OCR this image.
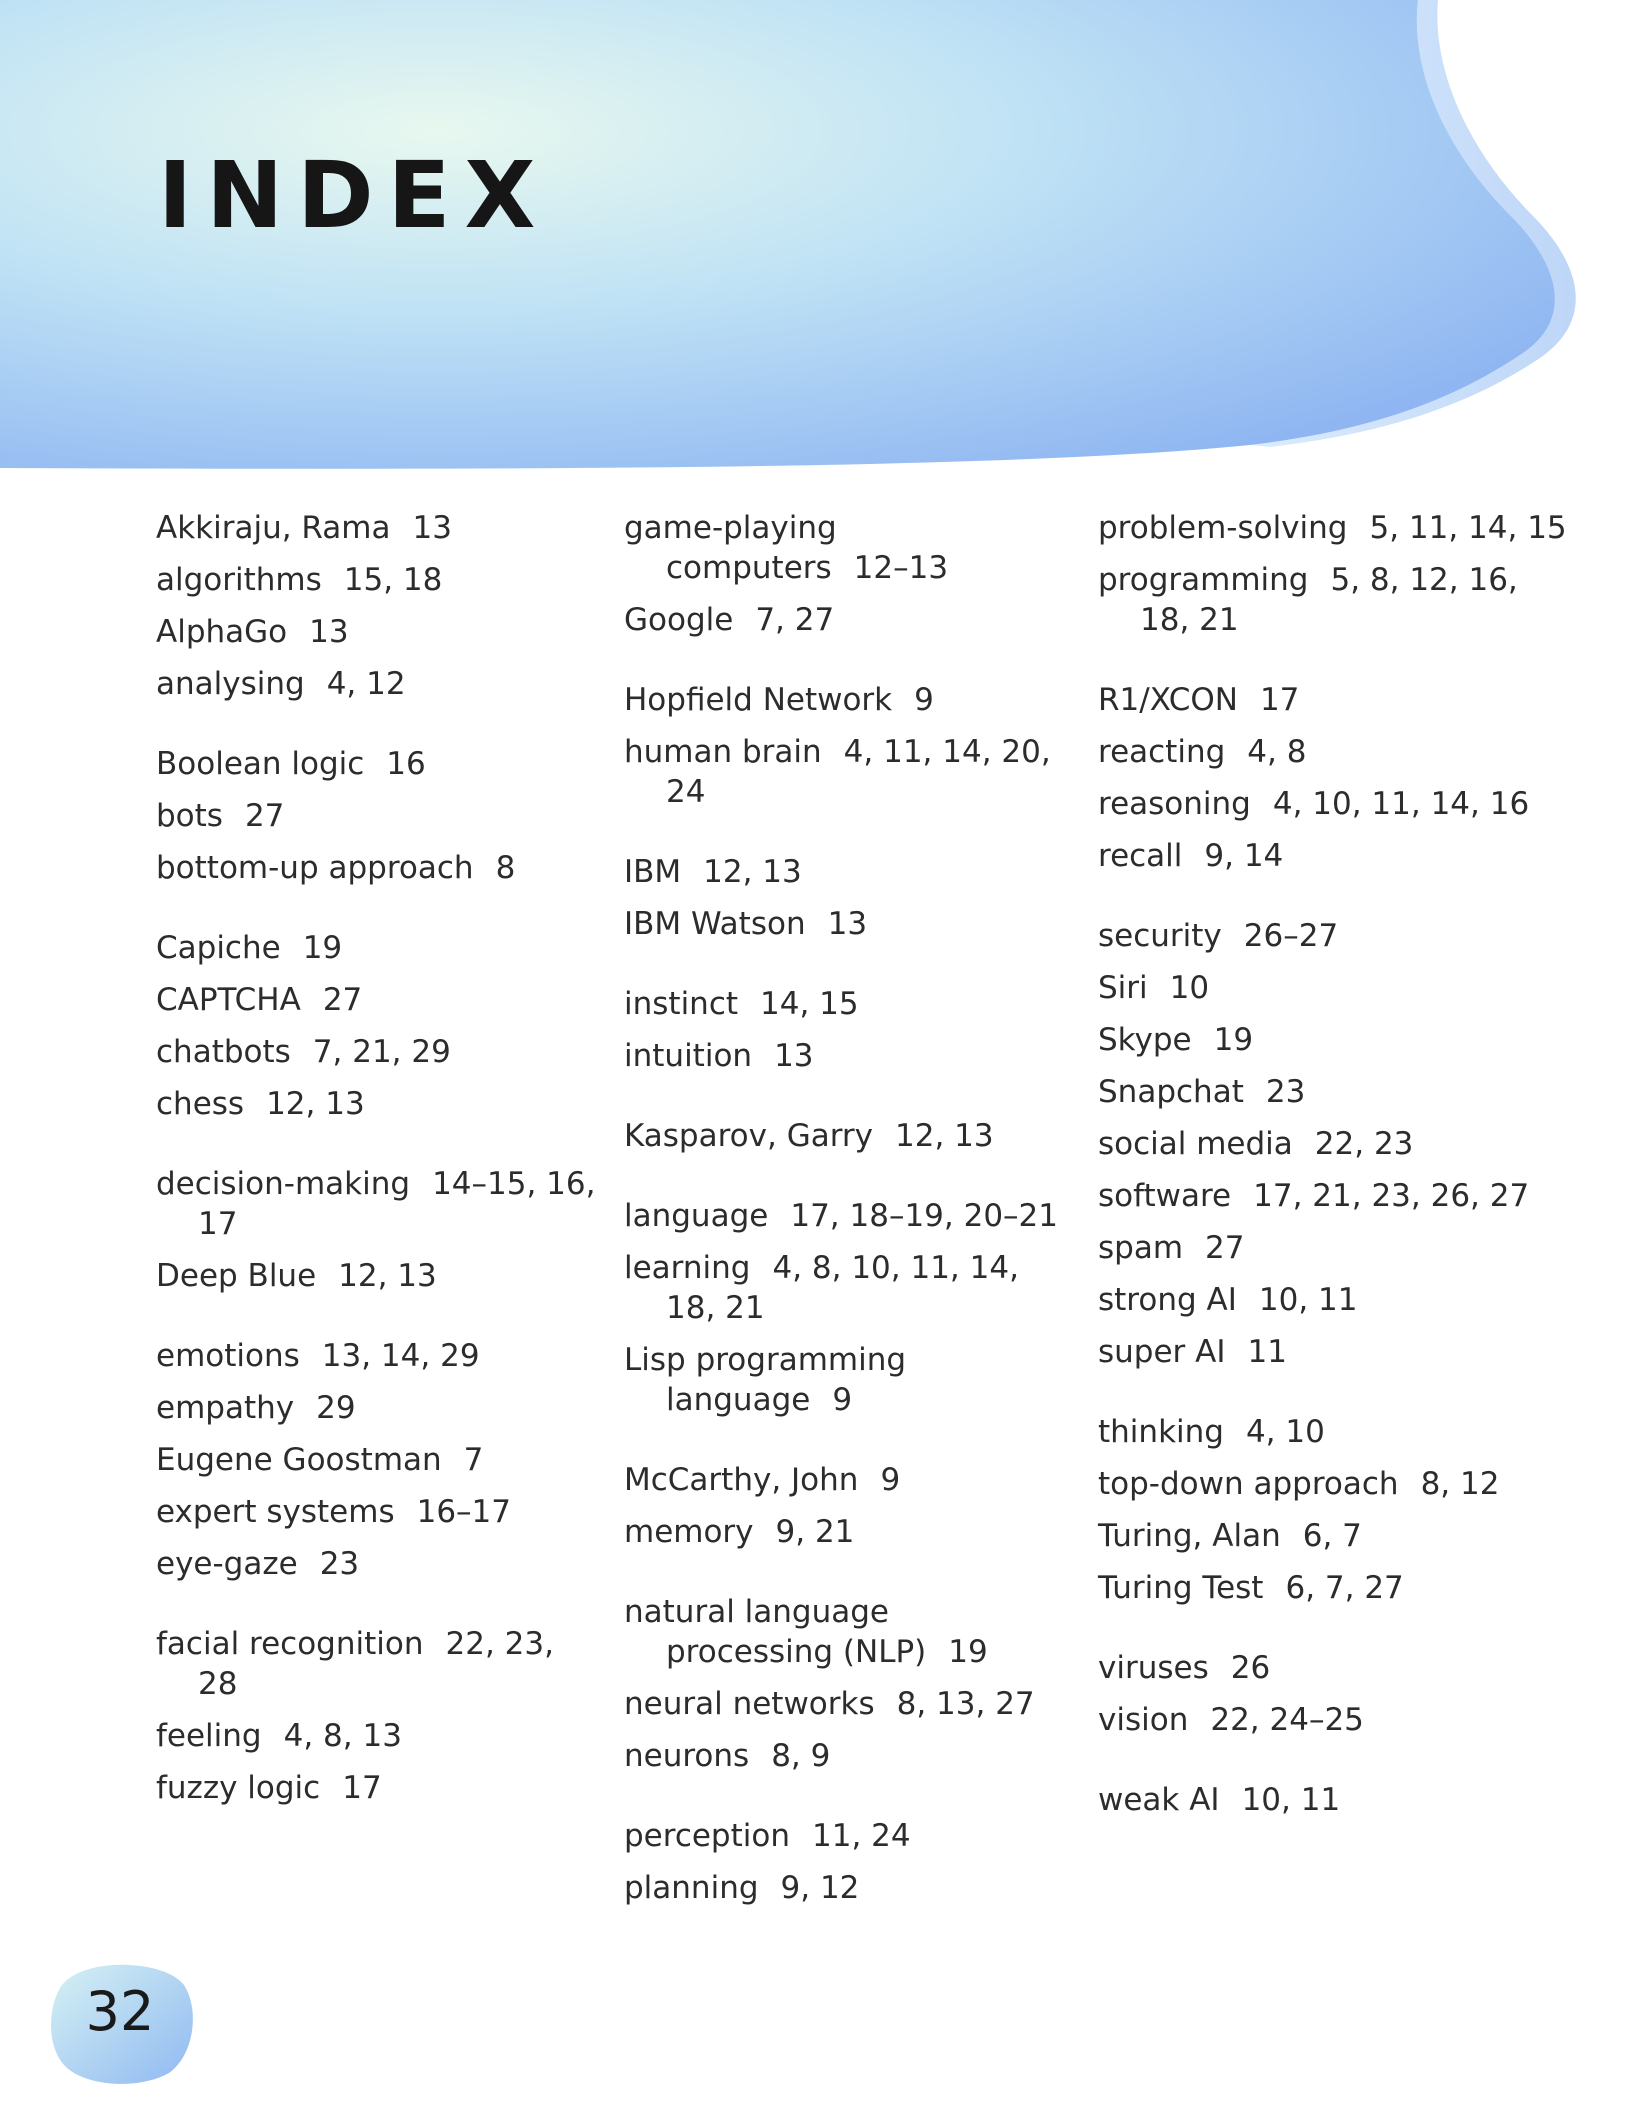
INDEX
Akkiraju, Rama 13
algorithms 15, 18
AlphaGo 13
analysing 4, 12
Boolean logic 16
bots 27
bottom-up approach 8
Capiche 19
CAPTCHA 27
chatbots 7, 21, 29
chess 12, 13
decision-making 14–15, 16, 17
Deep Blue 12, 13
emotions 13, 14, 29
empathy 29
Eugene Goostman 7
expert systems 16–17
eye-gaze 23
facial recognition 22, 23, 28
feeling 4, 8, 13
fuzzy logic 17
game-playing computers 12–13
Google 7, 27
Hopfield Network 9
human brain 4, 11, 14, 20, 24
IBM 12, 13
IBM Watson 13
instinct 14, 15
intuition 13
Kasparov, Garry 12, 13
language 17, 18–19, 20–21
learning 4, 8, 10, 11, 14, 18, 21
Lisp programming language 9
McCarthy, John 9
memory 9, 21
natural language processing (NLP) 19
neural networks 8, 13, 27
neurons 8, 9
perception 11, 24
planning 9, 12
problem-solving 5, 11, 14, 15
programming 5, 8, 12, 16, 18, 21
R1/XCON 17
reacting 4, 8
reasoning 4, 10, 11, 14, 16
recall 9, 14
security 26–27
Siri 10
Skype 19
Snapchat 23
social media 22, 23
software 17, 21, 23, 26, 27
spam 27
strong AI 10, 11
super AI 11
thinking 4, 10
top-down approach 8, 12
Turing, Alan 6, 7
Turing Test 6, 7, 27
viruses 26
vision 22, 24–25
weak AI 10, 11
32
